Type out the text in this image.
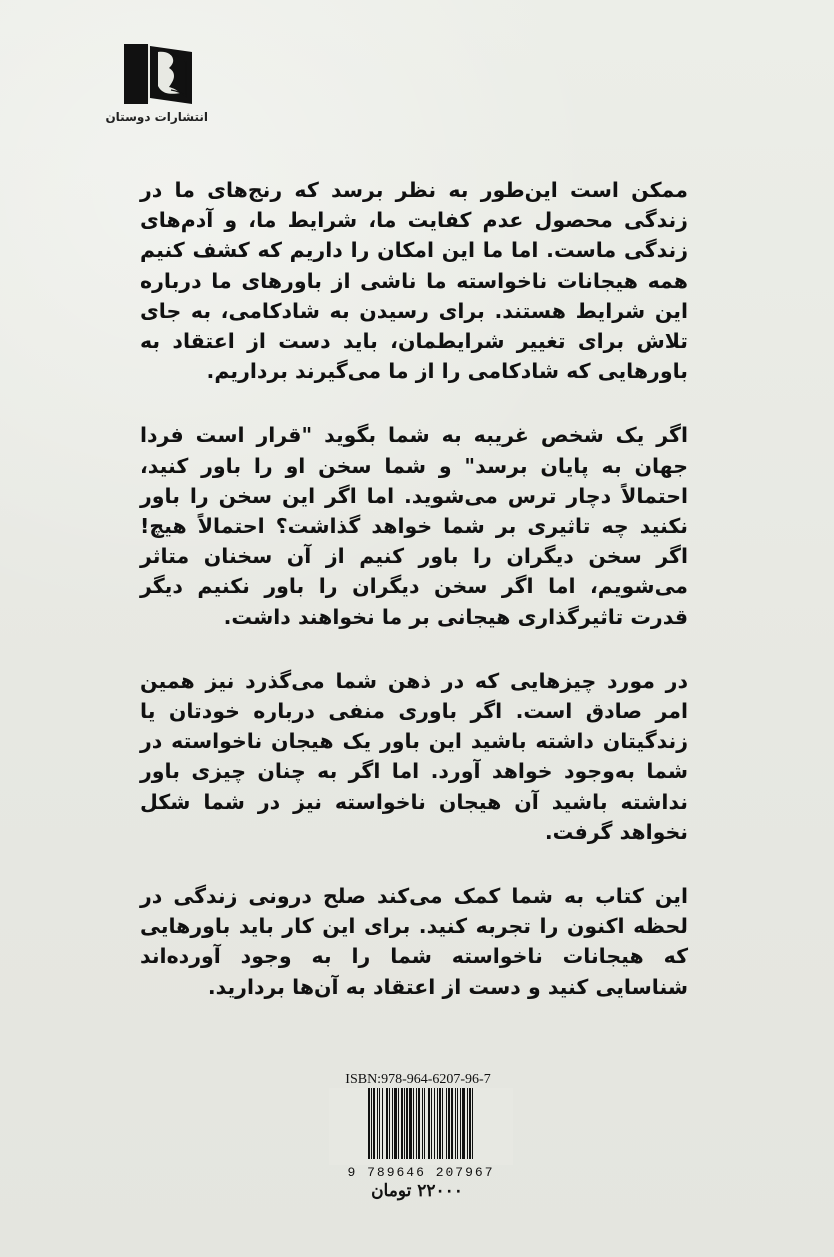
انتشارات دوستان

ممکن است این‌طور به نظر برسد که رنج‌های ما در زندگی محصول عدم کفایت ما، شرایط ما، و آدم‌های زندگی ماست. اما ما این امکان را داریم که کشف کنیم همه هیجانات ناخواسته ما ناشی از باورهای ما درباره این شرایط هستند. برای رسیدن به شادکامی، به جای تلاش برای تغییر شرایطمان، باید دست از اعتقاد به باورهایی که شادکامی را از ما می‌گیرند برداریم.

اگر یک شخص غریبه به شما بگوید "قرار است فردا جهان به پایان برسد" و شما سخن او را باور کنید، احتمالاً دچار ترس می‌شوید. اما اگر این سخن را باور نکنید چه تاثیری بر شما خواهد گذاشت؟ احتمالاً هیچ! اگر سخن دیگران را باور کنیم از آن سخنان متاثر می‌شویم، اما اگر سخن دیگران را باور نکنیم دیگر قدرت تاثیرگذاری هیجانی بر ما نخواهند داشت.

در مورد چیزهایی که در ذهن شما می‌گذرد نیز همین امر صادق است. اگر باوری منفی درباره خودتان یا زندگیتان داشته باشید این باور یک هیجان ناخواسته در شما به‌وجود خواهد آورد. اما اگر به چنان چیزی باور نداشته باشید آن هیجان ناخواسته نیز در شما شکل نخواهد گرفت.

این کتاب به شما کمک می‌کند صلح درونی زندگی در لحظه اکنون را تجربه کنید. برای این کار باید باورهایی که هیجانات ناخواسته شما را به وجود آورده‌اند شناسایی کنید و دست از اعتقاد به آن‌ها بردارید.

ISBN:978-964-6207-96-7
9 789646 207967
۲۲۰۰۰ تومان
